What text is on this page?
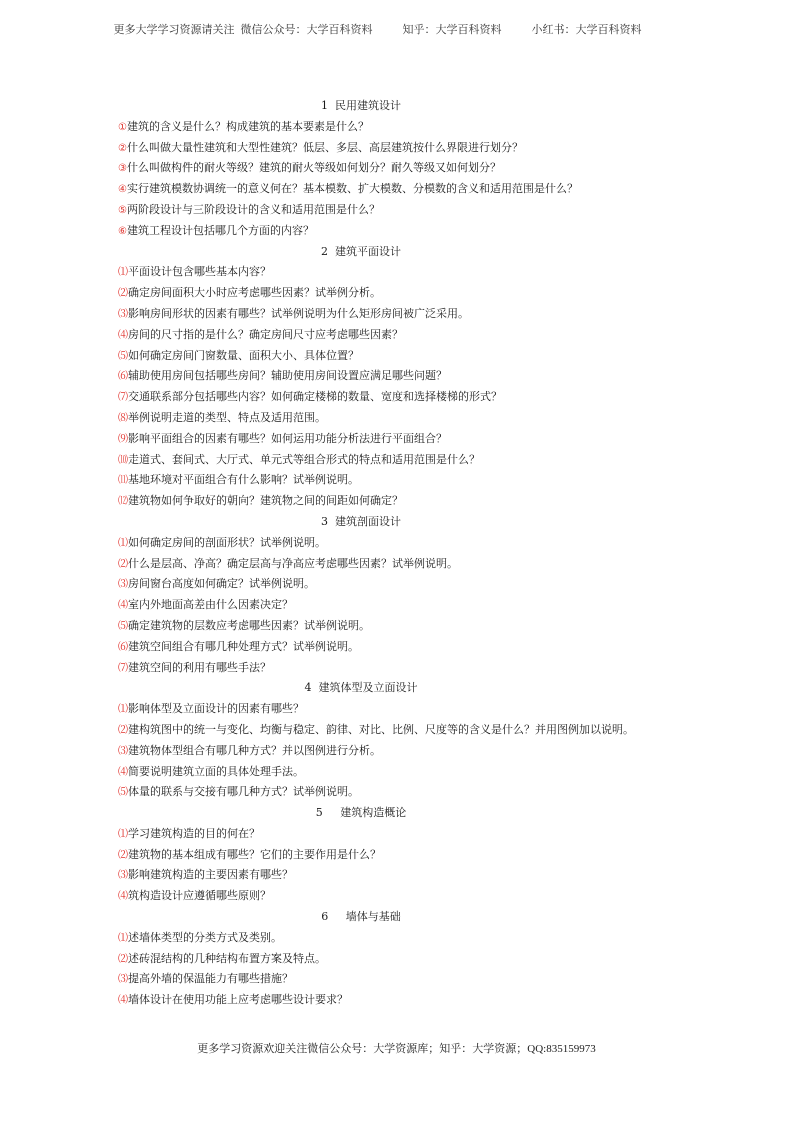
更多大学学习资源请关注 微信公众号：大学百科资料	知乎：大学百科资料	小红书：大学百科资料

1  民用建筑设计
①建筑的含义是什么？构成建筑的基本要素是什么？
②什么叫做大量性建筑和大型性建筑？低层、多层、高层建筑按什么界限进行划分？
③什么叫做构件的耐火等级？建筑的耐火等级如何划分？耐久等级又如何划分？
④实行建筑模数协调统一的意义何在？基本模数、扩大模数、分模数的含义和适用范围是什么？
⑤两阶段设计与三阶段设计的含义和适用范围是什么？
⑥建筑工程设计包括哪几个方面的内容？
2  建筑平面设计
⑴平面设计包含哪些基本内容？
⑵确定房间面积大小时应考虑哪些因素？试举例分析。
⑶影响房间形状的因素有哪些？试举例说明为什么矩形房间被广泛采用。
⑷房间的尺寸指的是什么？确定房间尺寸应考虑哪些因素？
⑸如何确定房间门窗数量、面积大小、具体位置？
⑹辅助使用房间包括哪些房间？辅助使用房间设置应满足哪些问题？
⑺交通联系部分包括哪些内容？如何确定楼梯的数量、宽度和选择楼梯的形式？
⑻举例说明走道的类型、特点及适用范围。
⑼影响平面组合的因素有哪些？如何运用功能分析法进行平面组合？
⑽走道式、套间式、大厅式、单元式等组合形式的特点和适用范围是什么？
⑾基地环境对平面组合有什么影响？试举例说明。
⑿建筑物如何争取好的朝向？建筑物之间的间距如何确定？
3  建筑剖面设计
⑴如何确定房间的剖面形状？试举例说明。
⑵什么是层高、净高？确定层高与净高应考虑哪些因素？试举例说明。
⑶房间窗台高度如何确定？试举例说明。
⑷室内外地面高差由什么因素决定？
⑸确定建筑物的层数应考虑哪些因素？试举例说明。
⑹建筑空间组合有哪几种处理方式？试举例说明。
⑺建筑空间的利用有哪些手法？
4  建筑体型及立面设计
⑴影响体型及立面设计的因素有哪些？
⑵建构筑图中的统一与变化、均衡与稳定、韵律、对比、比例、尺度等的含义是什么？并用图例加以说明。
⑶建筑物体型组合有哪几种方式？并以图例进行分析。
⑷简要说明建筑立面的具体处理手法。
⑸体量的联系与交接有哪几种方式？试举例说明。
5     建筑构造概论
⑴学习建筑构造的目的何在？
⑵建筑物的基本组成有哪些？它们的主要作用是什么？
⑶影响建筑构造的主要因素有哪些？
⑷筑构造设计应遵循哪些原则？
6     墙体与基础
⑴述墙体类型的分类方式及类别。
⑵述砖混结构的几种结构布置方案及特点。
⑶提高外墙的保温能力有哪些措施？
⑷墙体设计在使用功能上应考虑哪些设计要求？
更多学习资源欢迎关注微信公众号：大学资源库；知乎：大学资源；QQ:835159973
